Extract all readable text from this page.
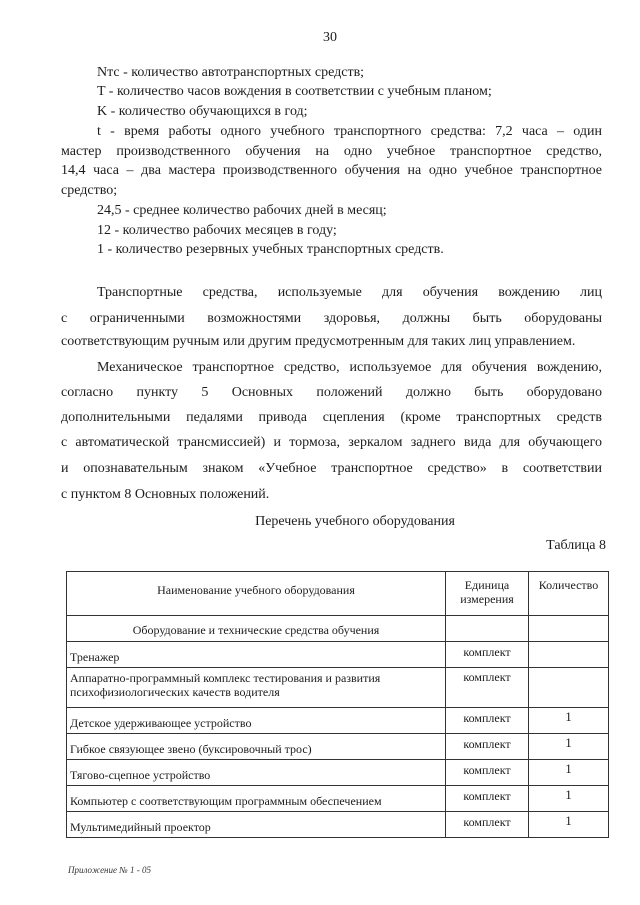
30
Nтс - количество автотранспортных средств;
T - количество часов вождения в соответствии с учебным планом;
K - количество обучающихся в год;
t - время работы одного учебного транспортного средства: 7,2 часа – один
мастер производственного обучения на одно учебное транспортное средство,
14,4 часа – два мастера производственного обучения на одно учебное транспортное
средство;
24,5 - среднее количество рабочих дней в месяц;
12 - количество рабочих месяцев в году;
1 - количество резервных учебных транспортных средств.
Транспортные средства, используемые для обучения вождению лиц
с ограниченными возможностями здоровья, должны быть оборудованы
соответствующим ручным или другим предусмотренным для таких лиц управлением.
Механическое транспортное средство, используемое для обучения вождению,
согласно пункту 5 Основных положений должно быть оборудовано
дополнительными педалями привода сцепления (кроме транспортных средств
с автоматической трансмиссией) и тормоза, зеркалом заднего вида для обучающего
и опознавательным знаком «Учебное транспортное средство» в соответствии
с пунктом 8 Основных положений.
Перечень учебного оборудования
Таблица 8
Наименование учебного оборудования	Единица измерения	Количество
Оборудование и технические средства обучения		
Тренажер	комплект	
Аппаратно-программный комплекс тестирования и развития психофизиологических качеств водителя	комплект	
Детское удерживающее устройство	комплект	1
Гибкое связующее звено (буксировочный трос)	комплект	1
Тягово-сцепное устройство	комплект	1
Компьютер с соответствующим программным обеспечением	комплект	1
Мультимедийный проектор	комплект	1
Приложение № 1 - 05
